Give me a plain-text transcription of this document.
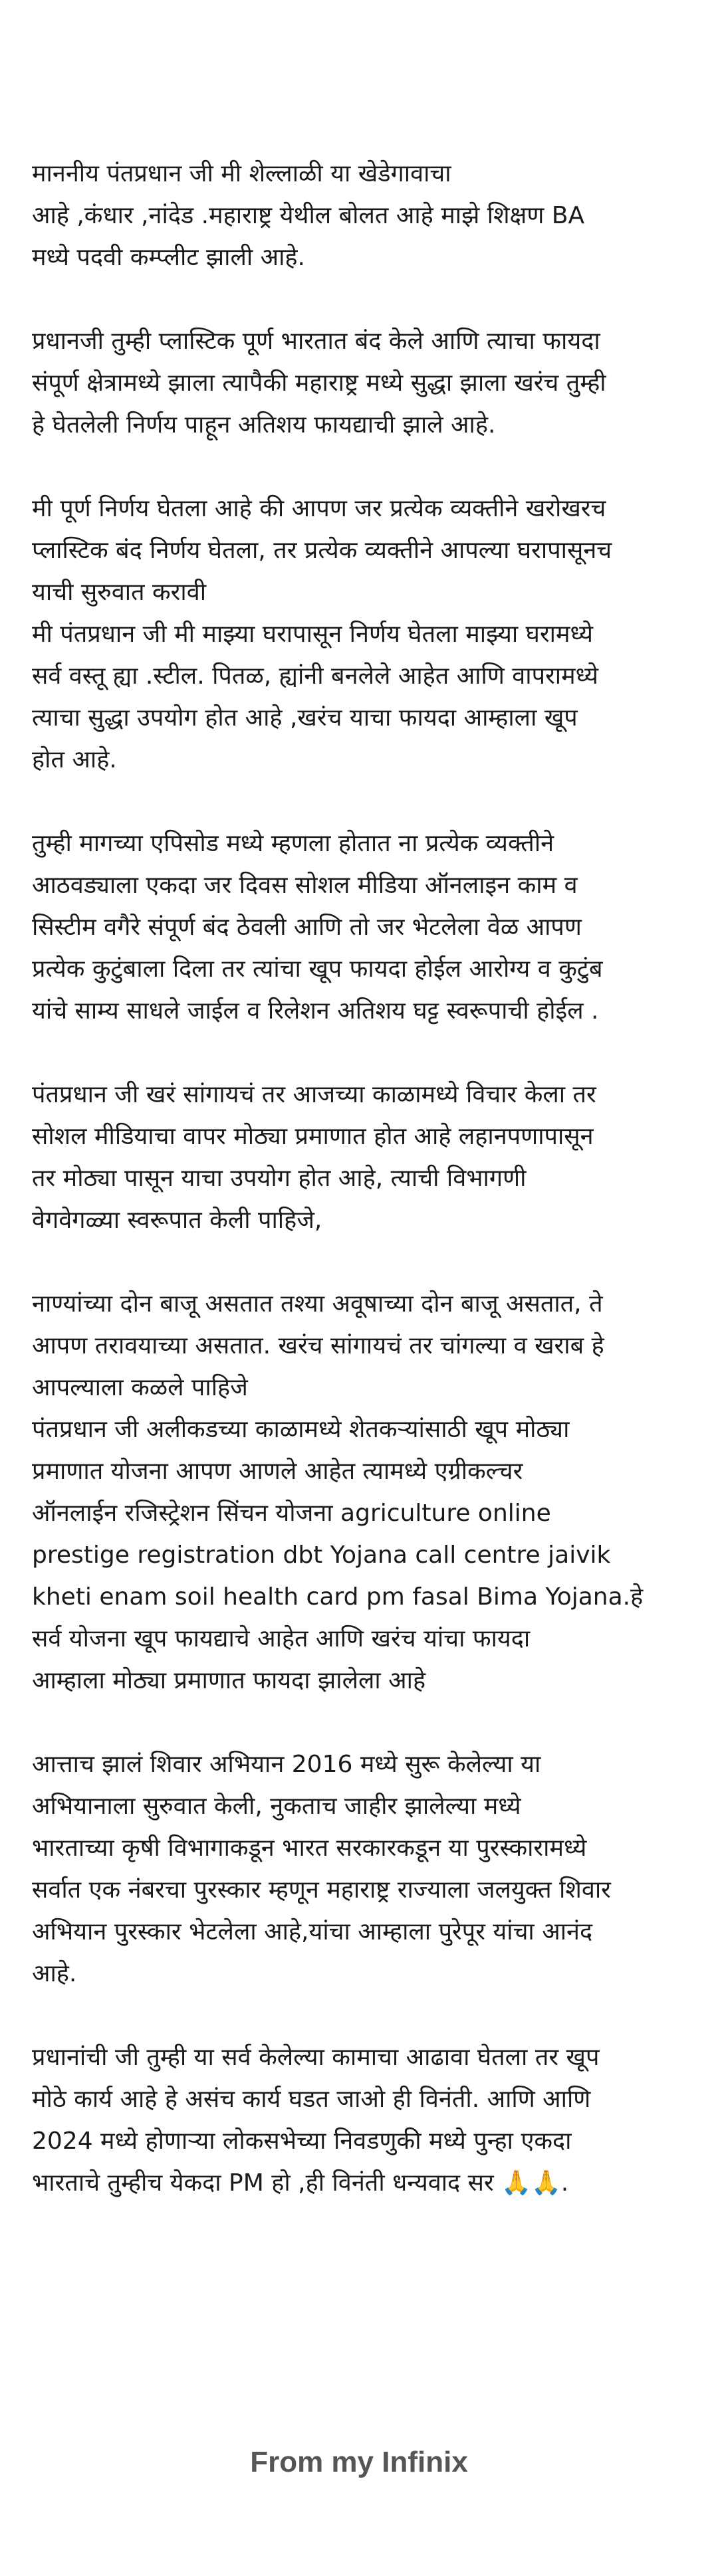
माननीय पंतप्रधान जी मी शेल्लाळी या खेडेगावाचा
आहे ,कंधार ,नांदेड .महाराष्ट्र येथील बोलत आहे माझे शिक्षण BA
मध्ये पदवी कम्प्लीट झाली आहे.
प्रधानजी तुम्ही प्लास्टिक पूर्ण भारतात बंद केले आणि त्याचा फायदा
संपूर्ण क्षेत्रामध्ये झाला त्यापैकी महाराष्ट्र मध्ये सुद्धा झाला खरंच तुम्ही
हे घेतलेली निर्णय पाहून अतिशय फायद्याची झाले आहे.
मी पूर्ण निर्णय घेतला आहे की आपण जर प्रत्येक व्यक्तीने खरोखरच
प्लास्टिक बंद निर्णय घेतला, तर प्रत्येक व्यक्तीने आपल्या घरापासूनच
याची सुरुवात करावी
मी पंतप्रधान जी मी माझ्या घरापासून निर्णय घेतला माझ्या घरामध्ये
सर्व वस्तू ह्या .स्टील. पितळ, ह्यांनी बनलेले आहेत आणि वापरामध्ये
त्याचा सुद्धा उपयोग होत आहे ,खरंच याचा फायदा आम्हाला खूप
होत आहे.
तुम्ही मागच्या एपिसोड मध्ये म्हणला होतात ना प्रत्येक व्यक्तीने
आठवड्याला एकदा जर दिवस सोशल मीडिया ऑनलाइन काम व
सिस्टीम वगैरे संपूर्ण बंद ठेवली आणि तो जर भेटलेला वेळ आपण
प्रत्येक कुटुंबाला दिला तर त्यांचा खूप फायदा होईल आरोग्य व कुटुंब
यांचे साम्य साधले जाईल व रिलेशन अतिशय घट्ट स्वरूपाची होईल .
पंतप्रधान जी खरं सांगायचं तर आजच्या काळामध्ये विचार केला तर
सोशल मीडियाचा वापर मोठ्या प्रमाणात होत आहे लहानपणापासून
तर मोठ्या पासून याचा उपयोग होत आहे, त्याची विभागणी
वेगवेगळ्या स्वरूपात केली पाहिजे,
नाण्यांच्या दोन बाजू असतात तश्या अवूषाच्या दोन बाजू असतात, ते
आपण तरावयाच्या असतात. खरंच सांगायचं तर चांगल्या व खराब हे
आपल्याला कळले पाहिजे
पंतप्रधान जी अलीकडच्या काळामध्ये शेतकऱ्यांसाठी खूप मोठ्या
प्रमाणात योजना आपण आणले आहेत त्यामध्ये एग्रीकल्चर
ऑनलाईन रजिस्ट्रेशन सिंचन योजना agriculture online
prestige registration dbt Yojana call centre jaivik
kheti enam soil health card pm fasal Bima Yojana.हे
सर्व योजना खूप फायद्याचे आहेत आणि खरंच यांचा फायदा
आम्हाला मोठ्या प्रमाणात फायदा झालेला आहे
आत्ताच झालं शिवार अभियान 2016 मध्ये सुरू केलेल्या या
अभियानाला सुरुवात केली, नुकताच जाहीर झालेल्या मध्ये
भारताच्या कृषी विभागाकडून भारत सरकारकडून या पुरस्कारामध्ये
सर्वात एक नंबरचा पुरस्कार म्हणून महाराष्ट्र राज्याला जलयुक्त शिवार
अभियान पुरस्कार भेटलेला आहे,यांचा आम्हाला पुरेपूर यांचा आनंद
आहे.
प्रधानांची जी तुम्ही या सर्व केलेल्या कामाचा आढावा घेतला तर खूप
मोठे कार्य आहे हे असंच कार्य घडत जाओ ही विनंती. आणि आणि
2024 मध्ये होणाऱ्या लोकसभेच्या निवडणुकी मध्ये पुन्हा एकदा
भारताचे तुम्हीच येकदा PM हो ,ही विनंती धन्यवाद सर 🙏🙏.
From my Infinix
